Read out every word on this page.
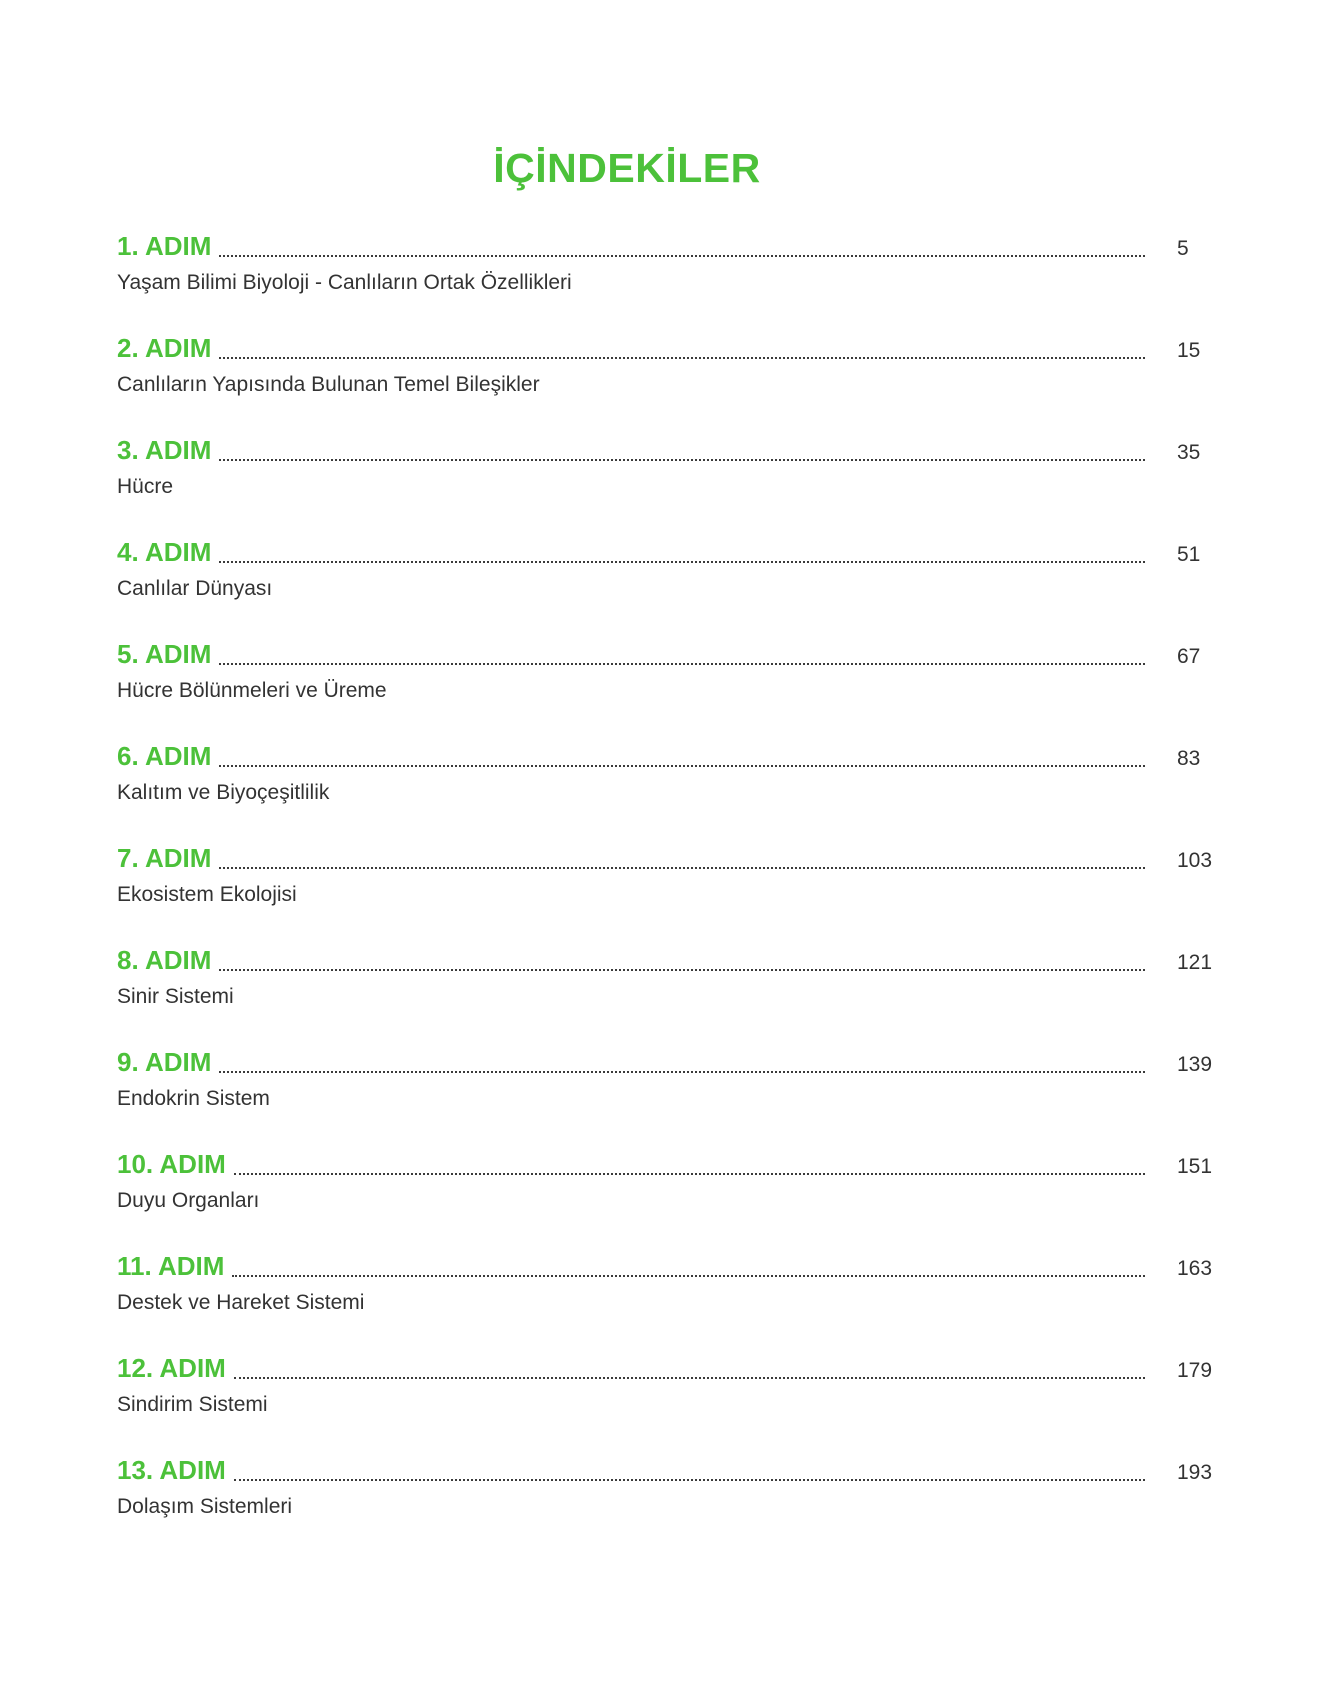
İÇİNDEKİLER
1. ADIM	5
Yaşam Bilimi Biyoloji - Canlıların Ortak Özellikleri
2. ADIM	15
Canlıların Yapısında Bulunan Temel Bileşikler
3. ADIM	35
Hücre
4. ADIM	51
Canlılar Dünyası
5. ADIM	67
Hücre Bölünmeleri ve Üreme
6. ADIM	83
Kalıtım ve Biyoçeşitlilik
7. ADIM	103
Ekosistem Ekolojisi
8. ADIM	121
Sinir Sistemi
9. ADIM	139
Endokrin Sistem
10. ADIM	151
Duyu Organları
11. ADIM	163
Destek ve Hareket Sistemi
12. ADIM	179
Sindirim Sistemi
13. ADIM	193
Dolaşım Sistemleri
